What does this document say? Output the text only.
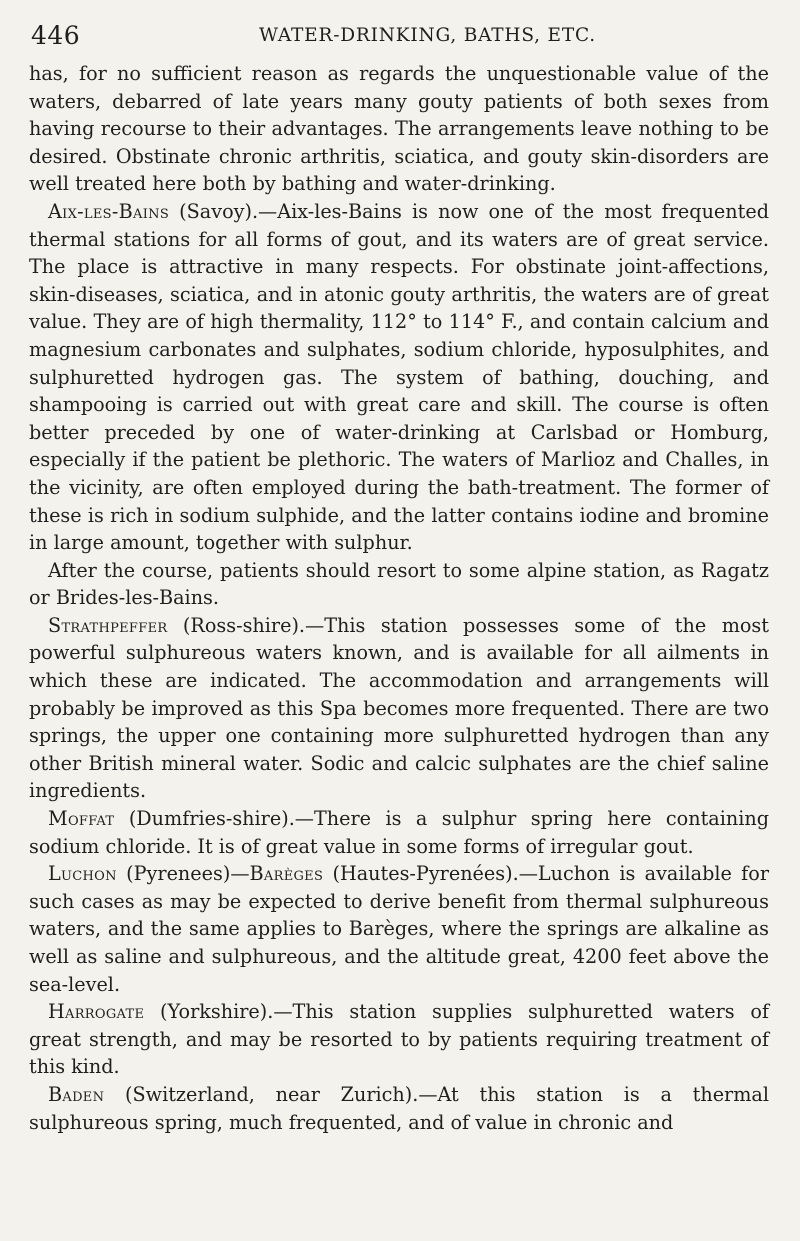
446	WATER-DRINKING, BATHS, ETC.

has, for no sufficient reason as regards the unquestionable value of the waters, debarred of late years many gouty patients of both sexes from having recourse to their advantages. The arrangements leave nothing to be desired. Obstinate chronic arthritis, sciatica, and gouty skin-disorders are well treated here both by bathing and water-drinking.

Aix-les-Bains (Savoy).—Aix-les-Bains is now one of the most frequented thermal stations for all forms of gout, and its waters are of great service. The place is attractive in many respects. For obstinate joint-affections, skin-diseases, sciatica, and in atonic gouty arthritis, the waters are of great value. They are of high thermality, 112° to 114° F., and contain calcium and magnesium carbonates and sulphates, sodium chloride, hyposulphites, and sulphuretted hydrogen gas. The system of bathing, douching, and shampooing is carried out with great care and skill. The course is often better preceded by one of water-drinking at Carlsbad or Homburg, especially if the patient be plethoric. The waters of Marlioz and Challes, in the vicinity, are often employed during the bath-treatment. The former of these is rich in sodium sulphide, and the latter contains iodine and bromine in large amount, together with sulphur.

After the course, patients should resort to some alpine station, as Ragatz or Brides-les-Bains.

Strathpeffer (Ross-shire).—This station possesses some of the most powerful sulphureous waters known, and is available for all ailments in which these are indicated. The accommodation and arrangements will probably be improved as this Spa becomes more frequented. There are two springs, the upper one containing more sulphuretted hydrogen than any other British mineral water. Sodic and calcic sulphates are the chief saline ingredients.

Moffat (Dumfries-shire).—There is a sulphur spring here containing sodium chloride. It is of great value in some forms of irregular gout.

Luchon (Pyrenees)—Barèges (Hautes-Pyrenées).—Luchon is available for such cases as may be expected to derive benefit from thermal sulphureous waters, and the same applies to Barèges, where the springs are alkaline as well as saline and sulphureous, and the altitude great, 4200 feet above the sea-level.

Harrogate (Yorkshire).—This station supplies sulphuretted waters of great strength, and may be resorted to by patients requiring treatment of this kind.

Baden (Switzerland, near Zurich).—At this station is a thermal sulphureous spring, much frequented, and of value in chronic and
